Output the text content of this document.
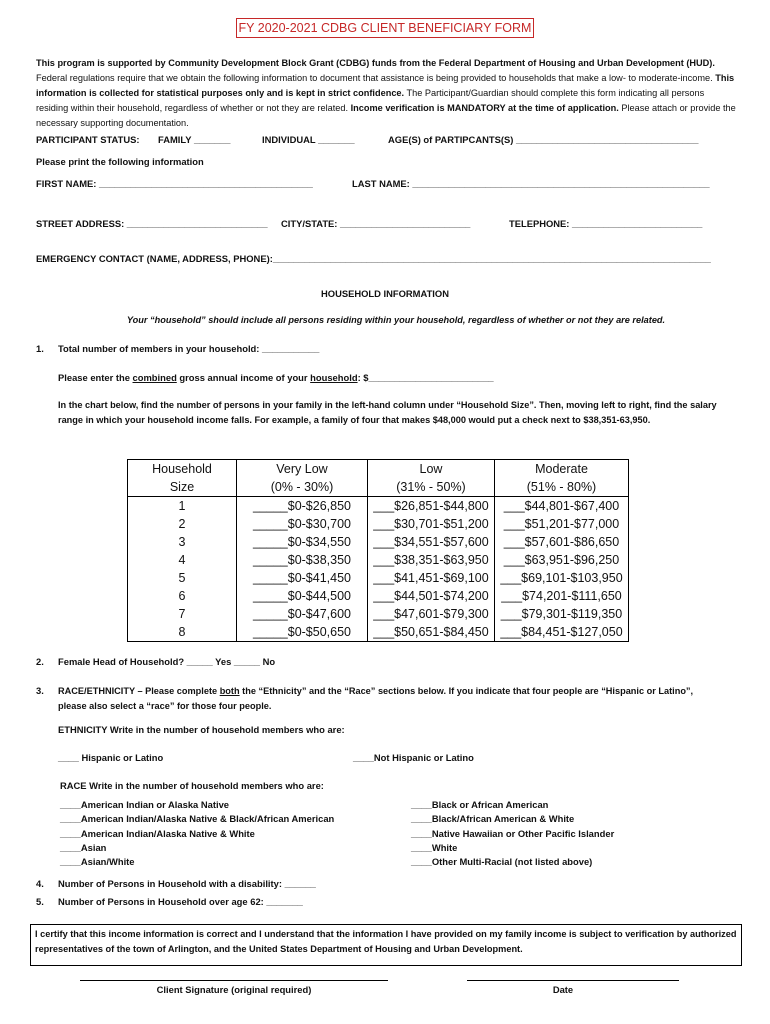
FY 2020-2021 CDBG CLIENT BENEFICIARY FORM
This program is supported by Community Development Block Grant (CDBG) funds from the Federal Department of Housing and Urban Development (HUD). Federal regulations require that we obtain the following information to document that assistance is being provided to households that make a low- to moderate-income. This information is collected for statistical purposes only and is kept in strict confidence. The Participant/Guardian should complete this form indicating all persons residing within their household, regardless of whether or not they are related. Income verification is MANDATORY at the time of application. Please attach or provide the necessary supporting documentation.
PARTICIPANT STATUS: FAMILY _______	INDIVIDUAL _______	AGE(S) of PARTIPCANTS(S) ___________________________________
Please print the following information
FIRST NAME: _________________________________________	LAST NAME: _________________________________________________________
STREET ADDRESS: ___________________________ CITY/STATE: _________________________	TELEPHONE: _________________________
EMERGENCY CONTACT (NAME, ADDRESS, PHONE):____________________________________________________________________________________
HOUSEHOLD INFORMATION
Your “household” should include all persons residing within your household, regardless of whether or not they are related.
1. Total number of members in your household: ___________
Please enter the combined gross annual income of your household: $________________________
In the chart below, find the number of persons in your family in the left-hand column under “Household Size”. Then, moving left to right, find the salary range in which your household income falls. For example, a family of four that makes $48,000 would put a check next to $38,351-63,950.
Household	Very Low	Low	Moderate
Size	(0% - 30%)	(31% - 50%)	(51% - 80%)
1	_____$0-$26,850	___$26,851-$44,800	___$44,801-$67,400
2	_____$0-$30,700	___$30,701-$51,200	___$51,201-$77,000
3	_____$0-$34,550	___$34,551-$57,600	___$57,601-$86,650
4	_____$0-$38,350	___$38,351-$63,950	___$63,951-$96,250
5	_____$0-$41,450	___$41,451-$69,100	___$69,101-$103,950
6	_____$0-$44,500	___$44,501-$74,200	___$74,201-$111,650
7	_____$0-$47,600	___$47,601-$79,300	___$79,301-$119,350
8	_____$0-$50,650	___$50,651-$84,450	___$84,451-$127,050
2. Female Head of Household? _____ Yes _____ No
3. RACE/ETHNICITY – Please complete both the “Ethnicity” and the “Race” sections below. If you indicate that four people are “Hispanic or Latino”, please also select a “race” for those four people.
ETHNICITY Write in the number of household members who are:
____ Hispanic or Latino	____Not Hispanic or Latino
RACE Write in the number of household members who are:
____American Indian or Alaska Native
____American Indian/Alaska Native & Black/African American
____American Indian/Alaska Native & White
____Asian
____Asian/White
____Black or African American
____Black/African American & White
____Native Hawaiian or Other Pacific Islander
____White
____Other Multi-Racial (not listed above)
4. Number of Persons in Household with a disability: ______
5. Number of Persons in Household over age 62: _______
I certify that this income information is correct and I understand that the information I have provided on my family income is subject to verification by authorized representatives of the town of Arlington, and the United States Department of Housing and Urban Development.
Client Signature (original required)	Date
